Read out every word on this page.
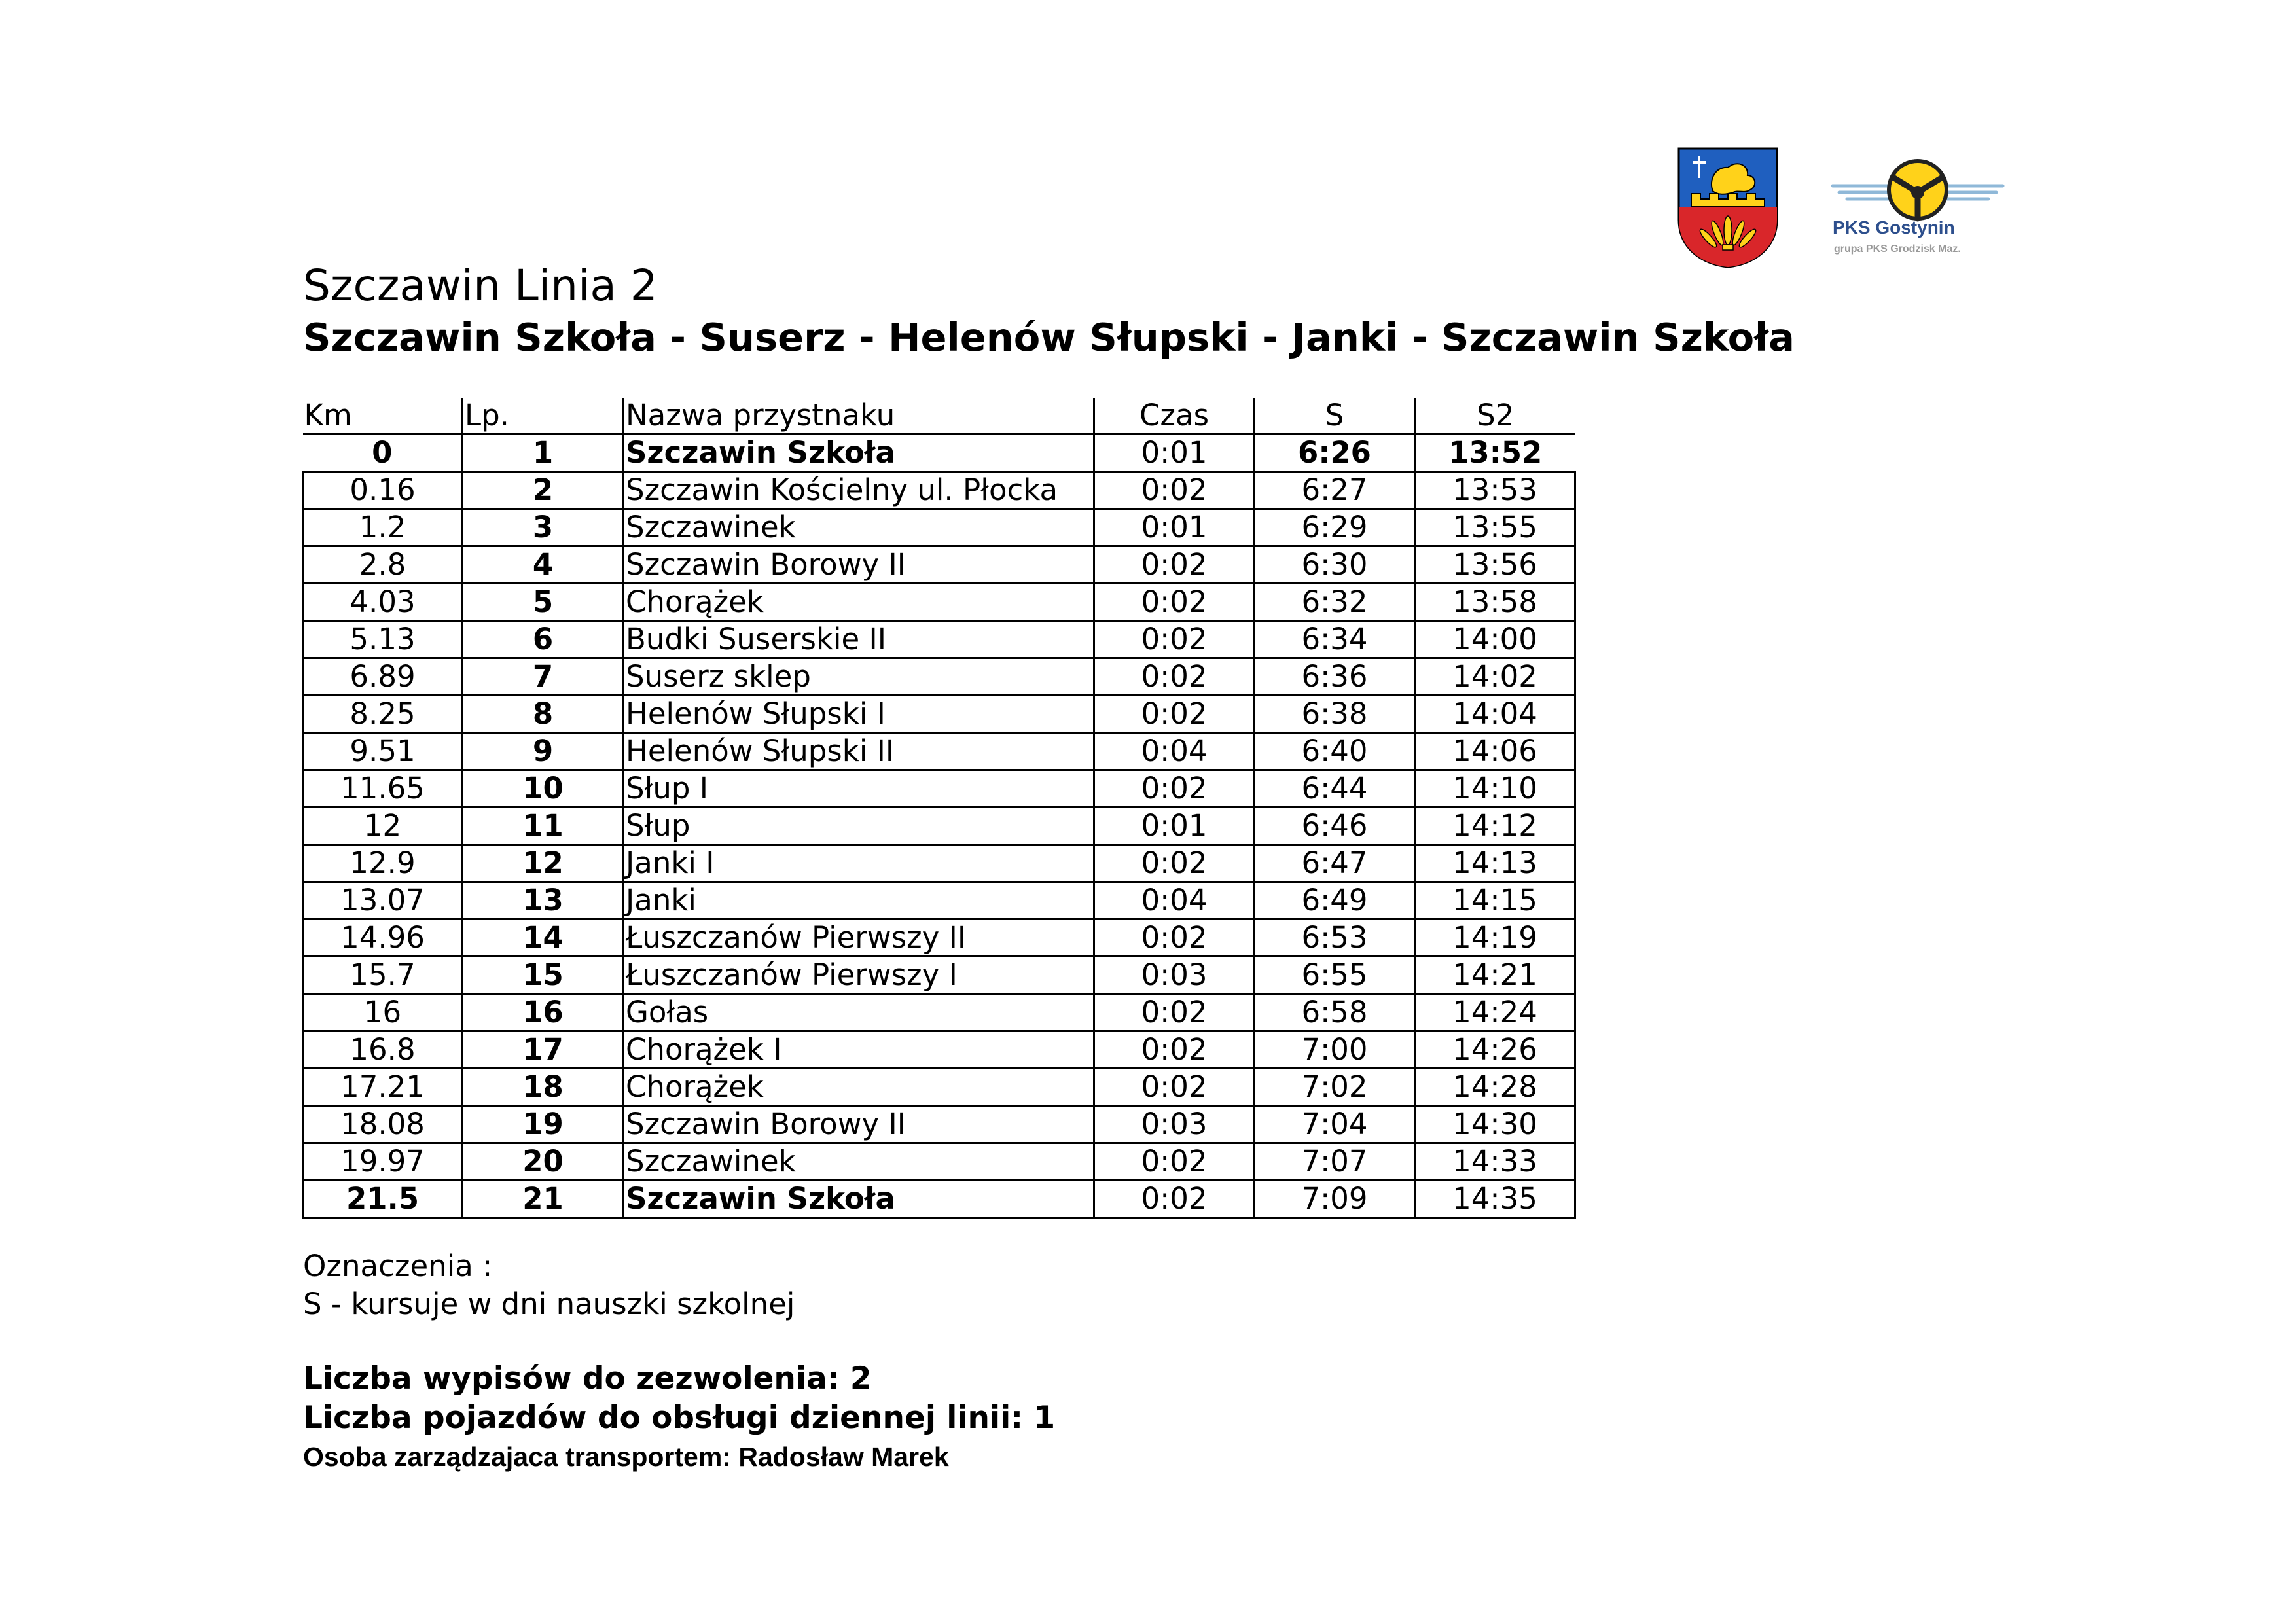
PKS Gostynin
grupa PKS Grodzisk Maz.
Szczawin Linia 2
Szczawin Szkoła - Suserz - Helenów Słupski - Janki - Szczawin Szkoła
Km	Lp.	Nazwa przystnaku	Czas	S	S2
0	1	Szczawin Szkoła	0:01	6:26	13:52
0.16	2	Szczawin Kościelny ul. Płocka	0:02	6:27	13:53
1.2	3	Szczawinek	0:01	6:29	13:55
2.8	4	Szczawin Borowy II	0:02	6:30	13:56
4.03	5	Chorążek	0:02	6:32	13:58
5.13	6	Budki Suserskie II	0:02	6:34	14:00
6.89	7	Suserz sklep	0:02	6:36	14:02
8.25	8	Helenów Słupski I	0:02	6:38	14:04
9.51	9	Helenów Słupski II	0:04	6:40	14:06
11.65	10	Słup I	0:02	6:44	14:10
12	11	Słup	0:01	6:46	14:12
12.9	12	Janki I	0:02	6:47	14:13
13.07	13	Janki	0:04	6:49	14:15
14.96	14	Łuszczanów Pierwszy II	0:02	6:53	14:19
15.7	15	Łuszczanów Pierwszy I	0:03	6:55	14:21
16	16	Gołas	0:02	6:58	14:24
16.8	17	Chorążek I	0:02	7:00	14:26
17.21	18	Chorążek	0:02	7:02	14:28
18.08	19	Szczawin Borowy II	0:03	7:04	14:30
19.97	20	Szczawinek	0:02	7:07	14:33
21.5	21	Szczawin Szkoła	0:02	7:09	14:35
Oznaczenia :
S - kursuje w dni nauszki szkolnej
Liczba wypisów do zezwolenia: 2
Liczba pojazdów do obsługi dziennej linii: 1
Osoba zarządzajaca transportem: Radosław Marek
